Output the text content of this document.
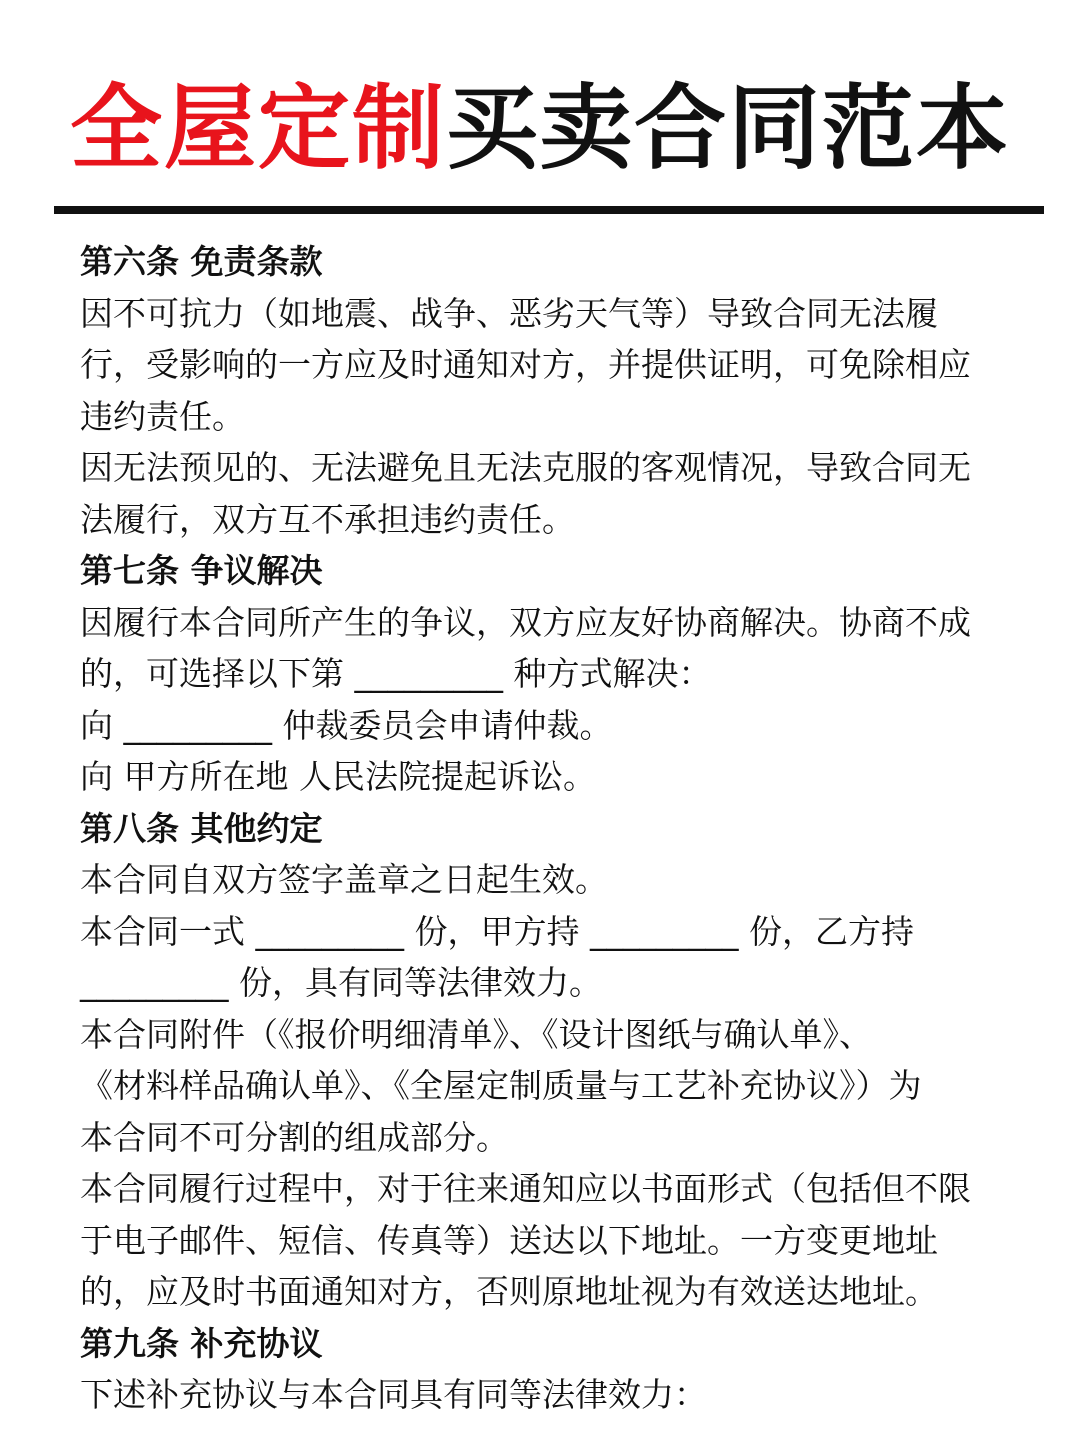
全屋定制买卖合同范本

第六条 免责条款

因不可抗力（如地震、战争、恶劣天气等）导致合同无法履

行，受影响的一方应及时通知对方，并提供证明，可免除相应

违约责任。

因无法预见的、无法避免且无法克服的客观情况，导致合同无

法履行，双方互不承担违约责任。

第七条 争议解决

因履行本合同所产生的争议，双方应友好协商解决。协商不成

的，可选择以下第 _________ 种方式解决：

向 _________ 仲裁委员会申请仲裁。

向 甲方所在地 人民法院提起诉讼。

第八条 其他约定

本合同自双方签字盖章之日起生效。

本合同一式 _________ 份，甲方持 _________ 份，乙方持

_________ 份，具有同等法律效力。

本合同附件（《报价明细清单》、《设计图纸与确认单》、

《材料样品确认单》、《全屋定制质量与工艺补充协议》）为

本合同不可分割的组成部分。

本合同履行过程中，对于往来通知应以书面形式（包括但不限

于电子邮件、短信、传真等）送达以下地址。一方变更地址

的，应及时书面通知对方，否则原地址视为有效送达地址。

第九条 补充协议

下述补充协议与本合同具有同等法律效力：
